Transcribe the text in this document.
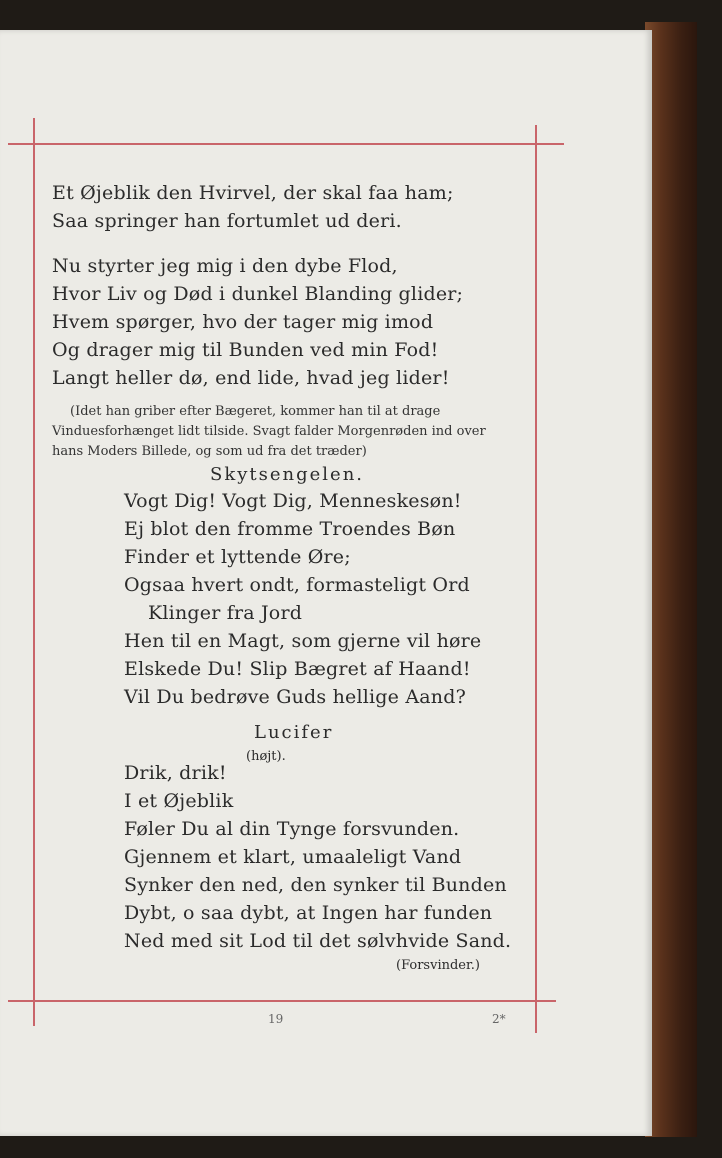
Et Øjeblik den Hvirvel, der skal faa ham;
Saa springer han fortumlet ud deri.
Nu styrter jeg mig i den dybe Flod,
Hvor Liv og Død i dunkel Blanding glider;
Hvem spørger, hvo der tager mig imod
Og drager mig til Bunden ved min Fod!
Langt heller dø, end lide, hvad jeg lider!
(Idet han griber efter Bægeret, kommer han til at drage
Vinduesforhænget lidt tilside. Svagt falder Morgenrøden ind over
hans Moders Billede, og som ud fra det træder)
Skytsengelen.
Vogt Dig! Vogt Dig, Menneskesøn!
Ej blot den fromme Troendes Bøn
Finder et lyttende Øre;
Ogsaa hvert ondt, formasteligt Ord
Klinger fra Jord
Hen til en Magt, som gjerne vil høre
Elskede Du! Slip Bægret af Haand!
Vil Du bedrøve Guds hellige Aand?
Lucifer
(højt).
Drik, drik!
I et Øjeblik
Føler Du al din Tynge forsvunden.
Gjennem et klart, umaaleligt Vand
Synker den ned, den synker til Bunden
Dybt, o saa dybt, at Ingen har funden
Ned med sit Lod til det sølvhvide Sand.
(Forsvinder.)
19	2*
